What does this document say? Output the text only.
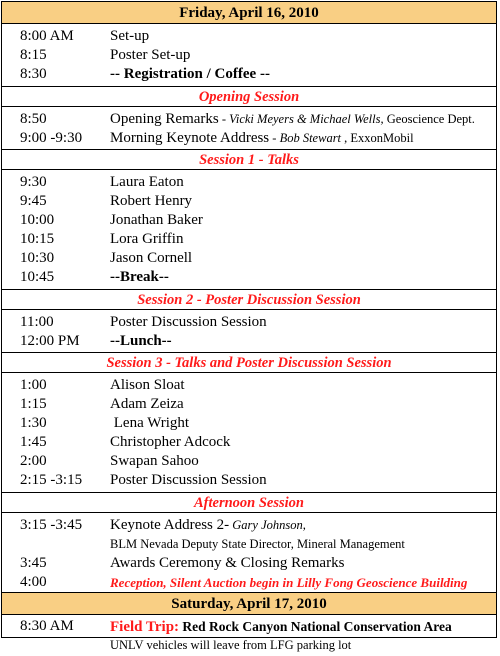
Friday, April 16, 2010
8:00 AM Set-up
8:15	Poster Set-up
8:30	-- Registration / Coffee --
Opening Session
8:50	Opening Remarks - Vicki Meyers & Michael Wells, Geoscience Dept.
9:00 -9:30 Morning Keynote Address - Bob Stewart , ExxonMobil
Session 1 - Talks
9:30	Laura Eaton
9:45	Robert Henry
10:00	Jonathan Baker
10:15	Lora Griffin
10:30	Jason Cornell
10:45	--Break--
Session 2 - Poster Discussion Session
11:00	Poster Discussion Session
12:00 PM --Lunch--
Session 3 - Talks and Poster Discussion Session
1:00	Alison Sloat
1:15	Adam Zeiza
1:30	Lena Wright
1:45	Christopher Adcock
2:00	Swapan Sahoo
2:15 -3:15 Poster Discussion Session
Afternoon Session
3:15 -3:45 Keynote Address 2- Gary Johnson,
BLM Nevada Deputy State Director, Mineral Management
3:45	Awards Ceremony & Closing Remarks
4:00	Reception, Silent Auction begin in Lilly Fong Geoscience Building
Saturday, April 17, 2010
8:30 AM Field Trip: Red Rock Canyon National Conservation Area
UNLV vehicles will leave from LFG parking lot
